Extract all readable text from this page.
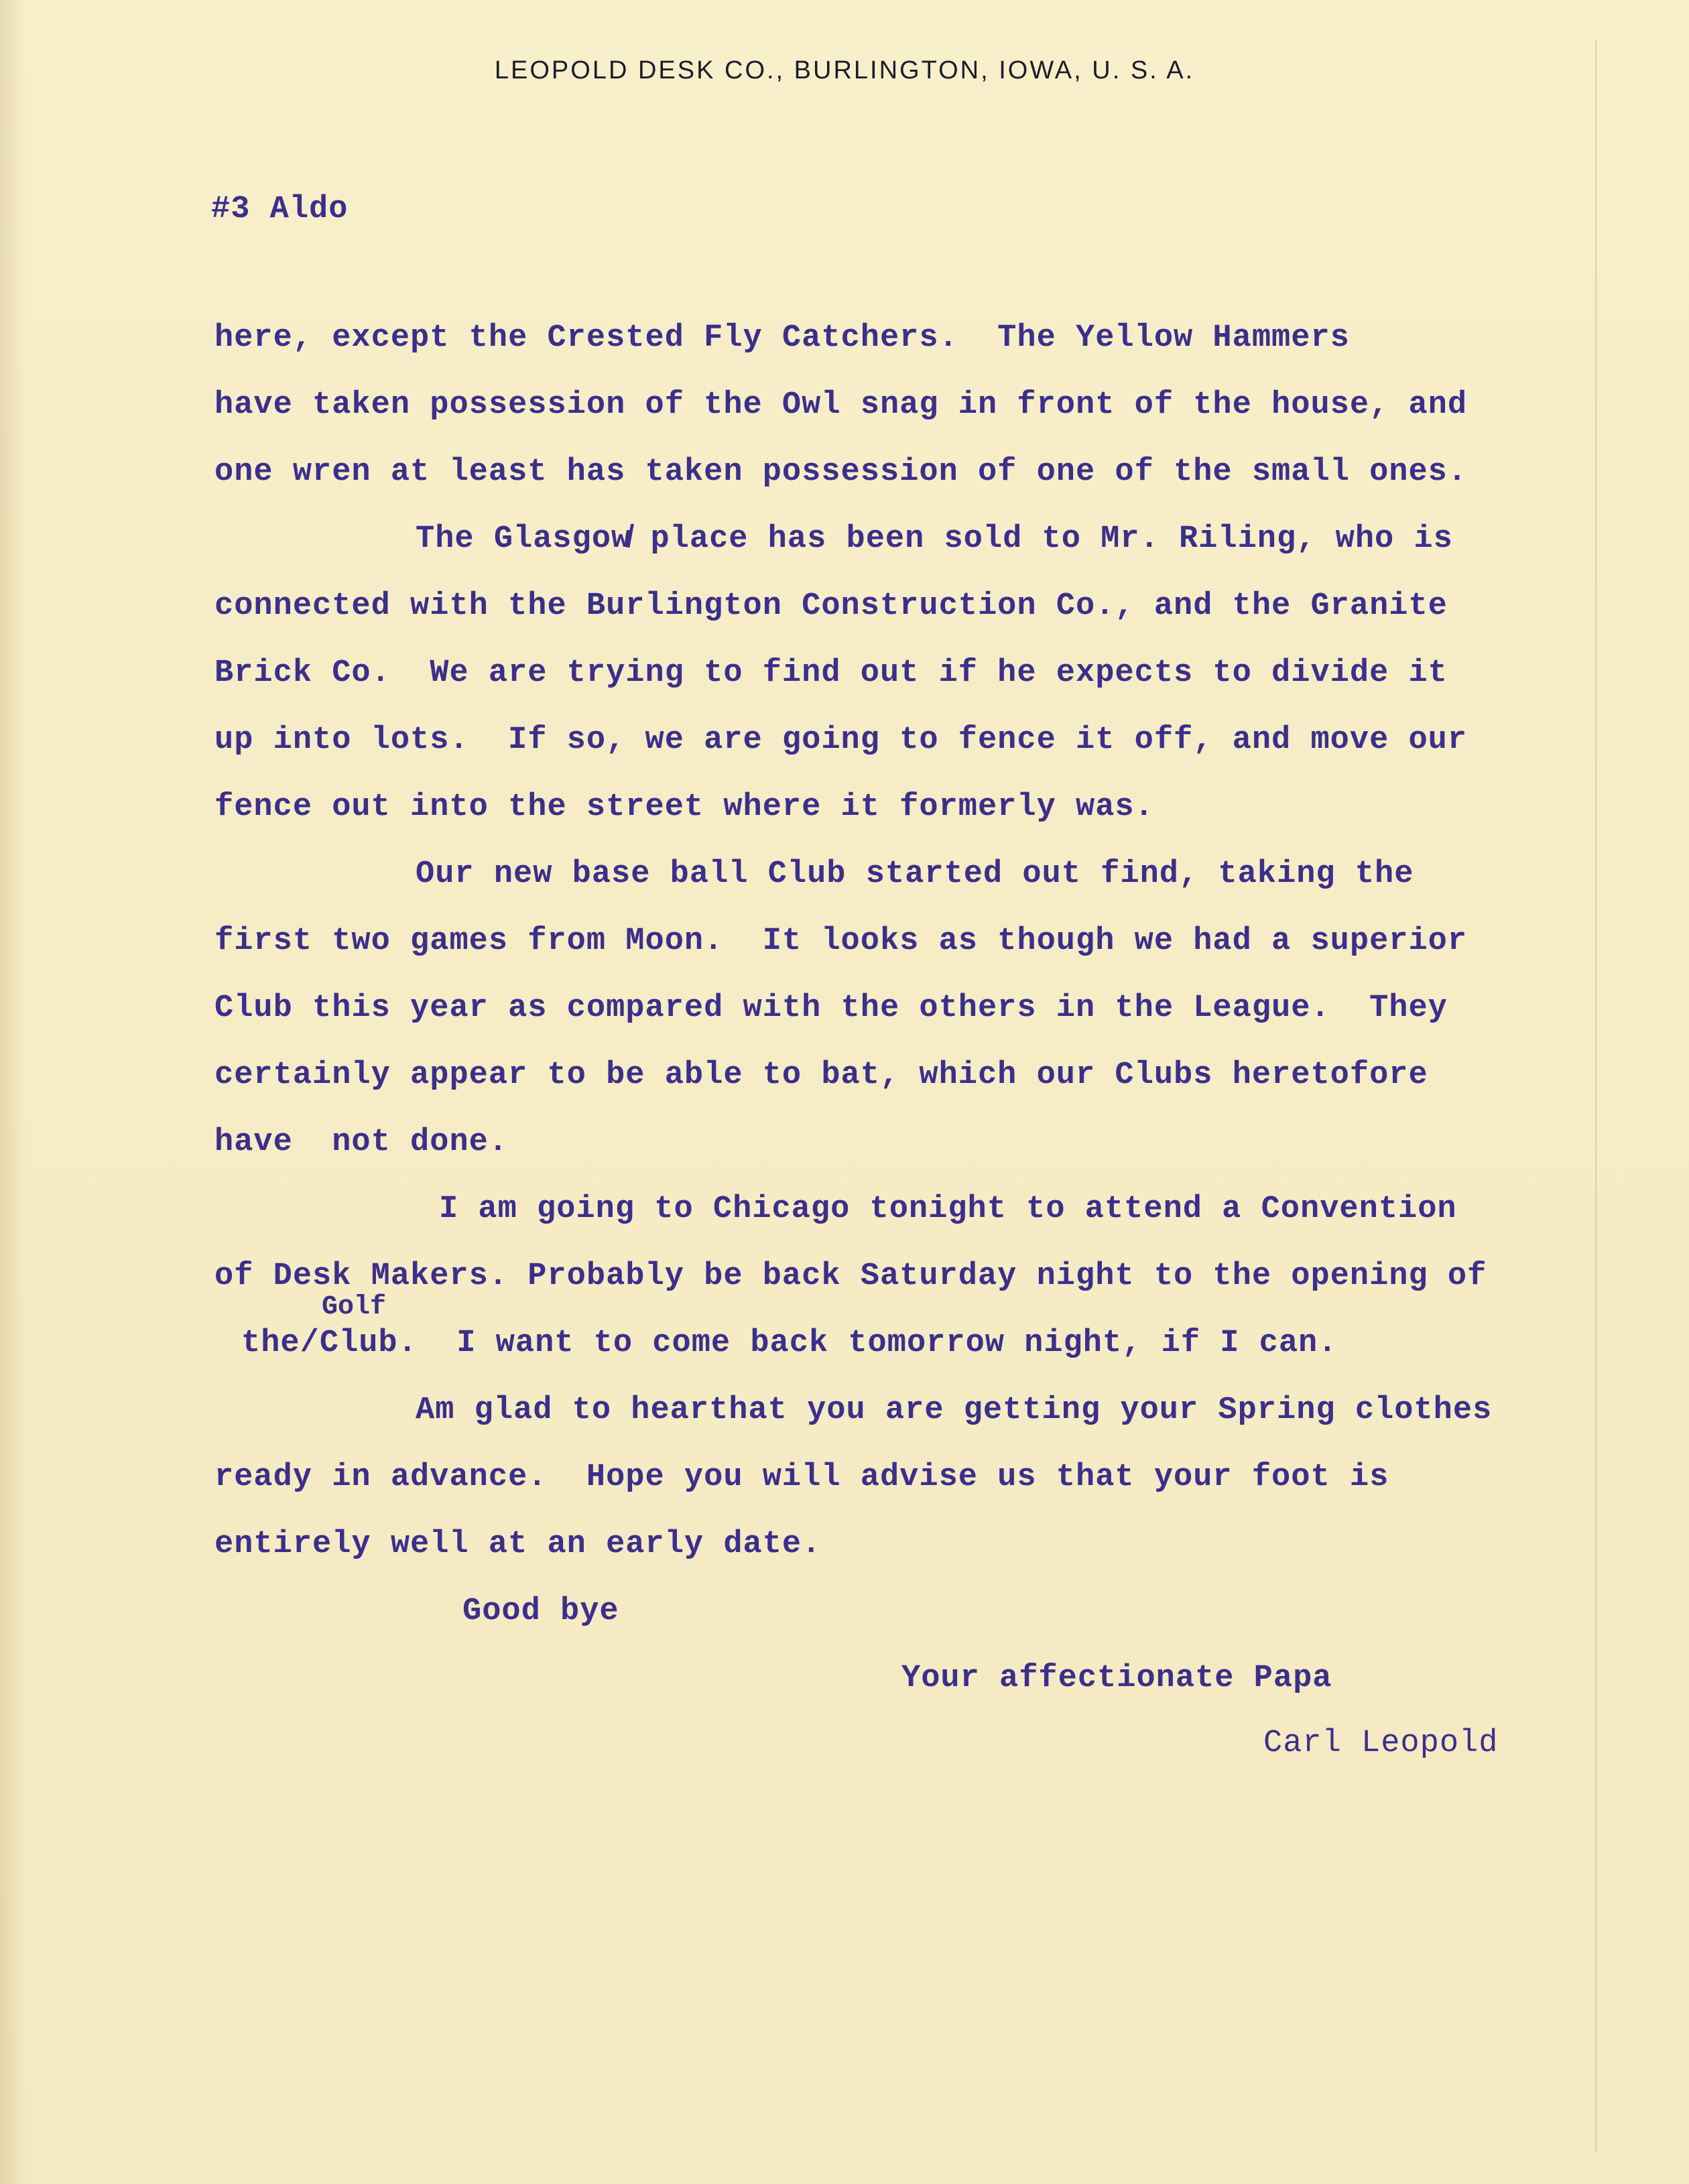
LEOPOLD DESK CO., BURLINGTON, IOWA, U. S. A.
#3 Aldo
here, except the Crested Fly Catchers.  The Yellow Hammers
have taken possession of the Owl snag in front of the house, and
one wren at least has taken possession of one of the small ones.
The Glasgow̸ place has been sold to Mr. Riling, who is
connected with the Burlington Construction Co., and the Granite
Brick Co.  We are trying to find out if he expects to divide it
up into lots.  If so, we are going to fence it off, and move our
fence out into the street where it formerly was.
Our new base ball Club started out find, taking the
first two games from Moon.  It looks as though we had a superior
Club this year as compared with the others in the League.  They
certainly appear to be able to bat, which our Clubs heretofore
have  not done.
I am going to Chicago tonight to attend a Convention
of Desk Makers. Probably be back Saturday night to the opening of
Golf
the/Club.  I want to come back tomorrow night, if I can.
Am glad to hearthat you are getting your Spring clothes
ready in advance.  Hope you will advise us that your foot is
entirely well at an early date.
Good bye
Your affectionate Papa
Carl Leopold
